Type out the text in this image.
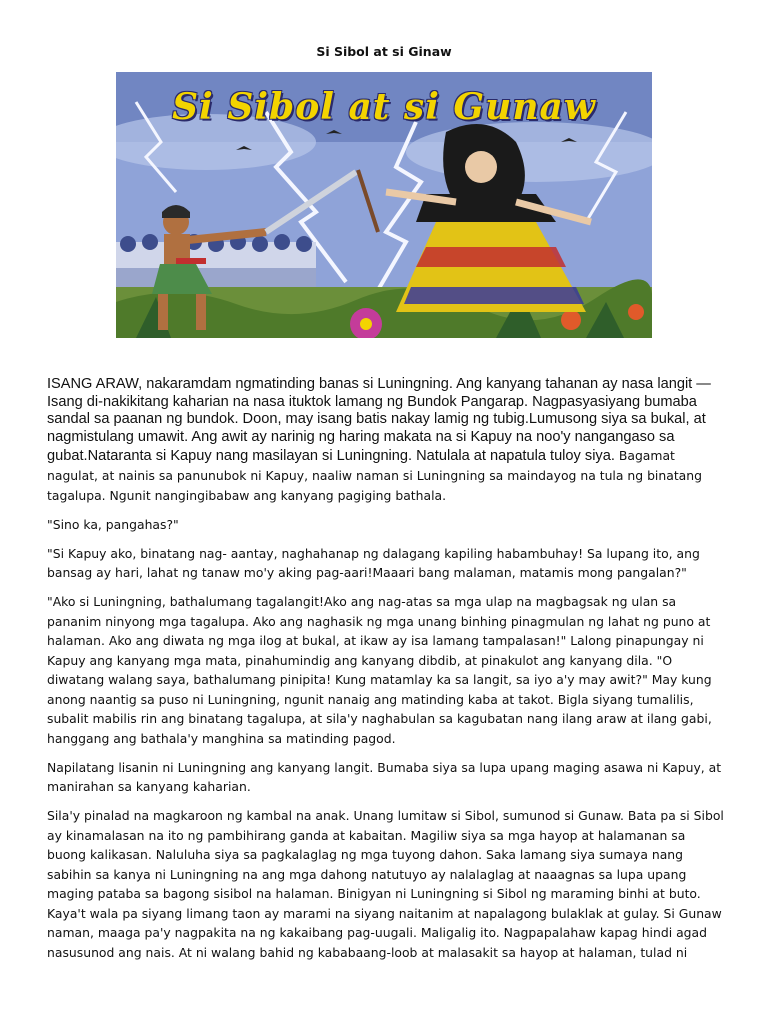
Si Sibol at si Ginaw
Si Sibol at si Gunaw

ISANG ARAW, nakaramdam ngmatinding banas si Luningning. Ang kanyang tahanan ay nasa langit — Isang di-nakikitang kaharian na nasa ituktok lamang ng Bundok Pangarap. Nagpasyasiyang bumaba sandal sa paanan ng bundok. Doon, may isang batis nakay lamig ng tubig.Lumusong siya sa bukal, at nagmistulang umawit. Ang awit ay narinig ng haring makata na si Kapuy na noo'y nangangaso sa gubat.Nataranta si Kapuy nang masilayan si Luningning. Natulala at napatula tuloy siya. Bagamat nagulat, at nainis sa panunubok ni Kapuy, naaliw naman si Luningning sa maindayog na tula ng binatang tagalupa. Ngunit nangingibabaw ang kanyang pagiging bathala.

"Sino ka, pangahas?"

"Si Kapuy ako, binatang nag- aantay, naghahanap ng dalagang kapiling habambuhay! Sa lupang ito, ang bansag ay hari, lahat ng tanaw mo'y aking pag-aari!Maaari bang malaman, matamis mong pangalan?"

"Ako si Luningning, bathalumang tagalangit!Ako ang nag-atas sa mga ulap na magbagsak ng ulan sa pananim ninyong mga tagalupa. Ako ang naghasik ng mga unang binhing pinagmulan ng lahat ng puno at halaman. Ako ang diwata ng mga ilog at bukal, at ikaw ay isa lamang tampalasan!" Lalong pinapungay ni Kapuy ang kanyang mga mata, pinahumindig ang kanyang dibdib, at pinakulot ang kanyang dila. "O diwatang walang saya, bathalumang pinipita! Kung matamlay ka sa langit, sa iyo a'y may awit?" May kung anong naantig sa puso ni Luningning, ngunit nanaig ang matinding kaba at takot. Bigla siyang tumalilis, subalit mabilis rin ang binatang tagalupa, at sila'y naghabulan sa kagubatan nang ilang araw at ilang gabi, hanggang ang bathala'y manghina sa matinding pagod.

Napilatang lisanin ni Luningning ang kanyang langit. Bumaba siya sa lupa upang maging asawa ni Kapuy, at manirahan sa kanyang kaharian.

Sila'y pinalad na magkaroon ng kambal na anak. Unang lumitaw si Sibol, sumunod si Gunaw. Bata pa si Sibol ay kinamalasan na ito ng pambihirang ganda at kabaitan. Magiliw siya sa mga hayop at halamanan sa buong kalikasan. Naluluha siya sa pagkalaglag ng mga tuyong dahon. Saka lamang siya sumaya nang sabihin sa kanya ni Luningning na ang mga dahong natutuyo ay nalalaglag at naaagnas sa lupa upang maging pataba sa bagong sisibol na halaman. Binigyan ni Luningning si Sibol ng maraming binhi at buto. Kaya't wala pa siyang limang taon ay marami na siyang naitanim at napalagong bulaklak at gulay. Si Gunaw naman, maaga pa'y nagpakita na ng kakaibang pag-uugali. Maligalig ito. Nagpapalahaw kapag hindi agad nasusunod ang nais. At ni walang bahid ng kababaang-loob at malasakit sa hayop at halaman, tulad ni
